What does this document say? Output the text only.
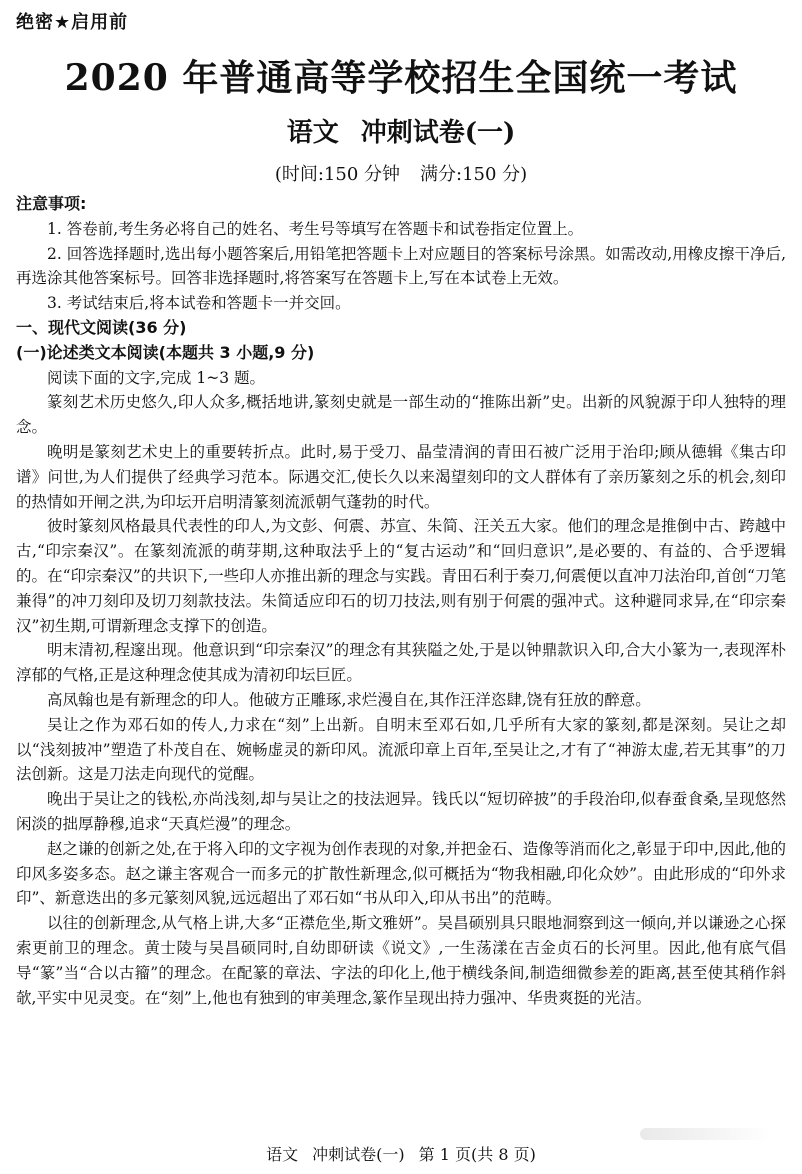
绝密★启用前
2020 年普通高等学校招生全国统一考试
语文 冲刺试卷(一)
(时间:150 分钟 满分:150 分)
注意事项:

1. 答卷前,考生务必将自己的姓名、考生号等填写在答题卡和试卷指定位置上。

2. 回答选择题时,选出每小题答案后,用铅笔把答题卡上对应题目的答案标号涂黑。如需改动,用橡皮擦干净后,再选涂其他答案标号。回答非选择题时,将答案写在答题卡上,写在本试卷上无效。

3. 考试结束后,将本试卷和答题卡一并交回。

一、现代文阅读(36 分)
(一)论述类文本阅读(本题共 3 小题,9 分)

阅读下面的文字,完成 1~3 题。

篆刻艺术历史悠久,印人众多,概括地讲,篆刻史就是一部生动的“推陈出新”史。出新的风貌源于印人独特的理念。

晚明是篆刻艺术史上的重要转折点。此时,易于受刀、晶莹清润的青田石被广泛用于治印;顾从德辑《集古印谱》问世,为人们提供了经典学习范本。际遇交汇,使长久以来渴望刻印的文人群体有了亲历篆刻之乐的机会,刻印的热情如开闸之洪,为印坛开启明清篆刻流派朝气蓬勃的时代。

彼时篆刻风格最具代表性的印人,为文彭、何震、苏宣、朱简、汪关五大家。他们的理念是推倒中古、跨越中古,“印宗秦汉”。在篆刻流派的萌芽期,这种取法乎上的“复古运动”和“回归意识”,是必要的、有益的、合乎逻辑的。在“印宗秦汉”的共识下,一些印人亦推出新的理念与实践。青田石利于奏刀,何震便以直冲刀法治印,首创“刀笔兼得”的冲刀刻印及切刀刻款技法。朱简适应印石的切刀技法,则有别于何震的强冲式。这种避同求异,在“印宗秦汉”初生期,可谓新理念支撑下的创造。

明末清初,程邃出现。他意识到“印宗秦汉”的理念有其狭隘之处,于是以钟鼎款识入印,合大小篆为一,表现浑朴淳郁的气格,正是这种理念使其成为清初印坛巨匠。

高凤翰也是有新理念的印人。他破方正雕琢,求烂漫自在,其作汪洋恣肆,饶有狂放的醉意。

吴让之作为邓石如的传人,力求在“刻”上出新。自明末至邓石如,几乎所有大家的篆刻,都是深刻。吴让之却以“浅刻披冲”塑造了朴茂自在、婉畅虚灵的新印风。流派印章上百年,至吴让之,才有了“神游太虚,若无其事”的刀法创新。这是刀法走向现代的觉醒。

晚出于吴让之的钱松,亦尚浅刻,却与吴让之的技法迥异。钱氏以“短切碎披”的手段治印,似春蚕食桑,呈现悠然闲淡的拙厚静穆,追求“天真烂漫”的理念。

赵之谦的创新之处,在于将入印的文字视为创作表现的对象,并把金石、造像等消而化之,彰显于印中,因此,他的印风多姿多态。赵之谦主客观合一而多元的扩散性新理念,似可概括为“物我相融,印化众妙”。由此形成的“印外求印”、新意迭出的多元篆刻风貌,远远超出了邓石如“书从印入,印从书出”的范畴。

以往的创新理念,从气格上讲,大多“正襟危坐,斯文雅妍”。吴昌硕别具只眼地洞察到这一倾向,并以谦逊之心探索更前卫的理念。黄士陵与吴昌硕同时,自幼即研读《说文》,一生荡漾在吉金贞石的长河里。因此,他有底气倡导“篆”当“合以古籀”的理念。在配篆的章法、字法的印化上,他于横线条间,制造细微参差的距离,甚至使其稍作斜欹,平实中见灵变。在“刻”上,他也有独到的审美理念,篆作呈现出持力强冲、华贵爽挺的光洁。

语文 冲刺试卷(一) 第 1 页(共 8 页)
